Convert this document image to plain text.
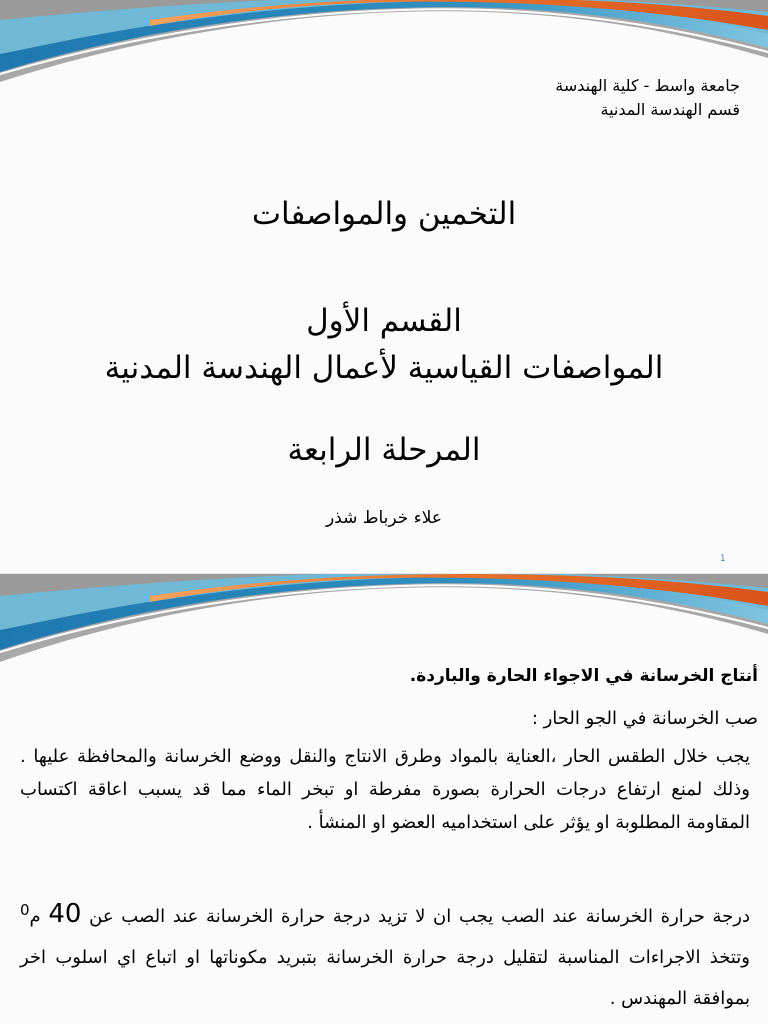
جامعة واسط - كلية الهندسة
قسم الهندسة المدنية
التخمين والمواصفات
القسم الأول
المواصفات القياسية لأعمال الهندسة المدنية
المرحلة الرابعة
علاء خرباط شذر
1
أنتاج الخرسانة في الاجواء الحارة والباردة.
صب الخرسانة في الجو الحار :
يجب خلال الطقس الحار ،العناية بالمواد وطرق الانتاج والنقل ووضع الخرسانة والمحافظة عليها . وذلك لمنع ارتفاع درجات الحرارة بصورة مفرطة او تبخر الماء مما قد يسبب اعاقة اكتساب المقاومة المطلوبة او يؤثر على استخداميه العضو او المنشأ .
درجة حرارة الخرسانة عند الصب يجب ان لا تزيد درجة حرارة الخرسانة عند الصب عن 40 م$^0$ وتتخذ الاجراءات المناسبة لتقليل درجة حرارة الخرسانة بتبريد مكوناتها او اتباع اي اسلوب اخر بموافقة المهندس .
